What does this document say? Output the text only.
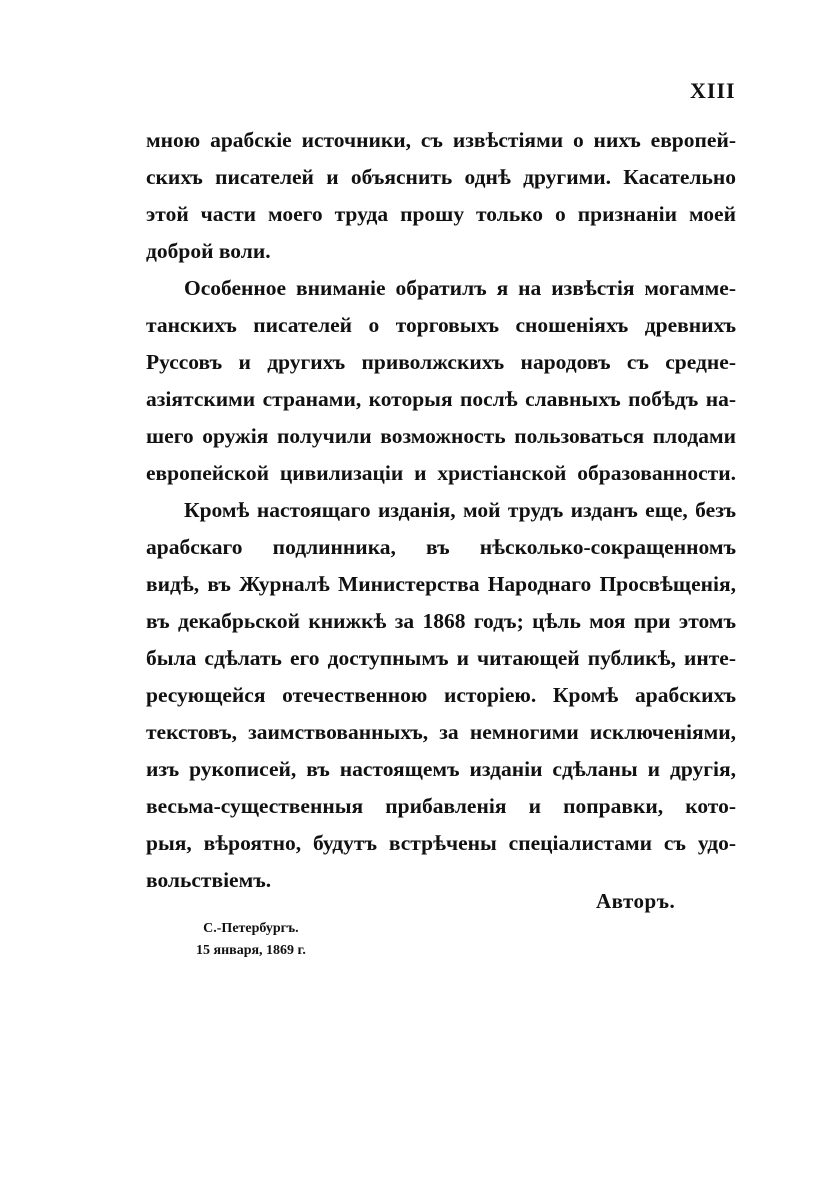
XIII

мною арабскіе источники, съ извѣстіями о нихъ европей-
скихъ писателей и объяснить однѣ другими. Касательно
этой части моего труда прошу только о признаніи моей
доброй воли.

Особенное вниманіе обратилъ я на извѣстія могамме-
танскихъ писателей о торговыхъ сношеніяхъ древнихъ
Руссовъ и другихъ приволжскихъ народовъ съ средне-
азіятскими странами, которыя послѣ славныхъ побѣдъ на-
шего оружія получили возможность пользоваться плодами
европейской цивилизаціи и христіанской образованности.

Кромѣ настоящаго изданія, мой трудъ изданъ еще, безъ
арабскаго подлинника, въ нѣсколько-сокращенномъ
видѣ, въ Журналѣ Министерства Народнаго Просвѣщенія,
въ декабрьской книжкѣ за 1868 годъ; цѣль моя при этомъ
была сдѣлать его доступнымъ и читающей публикѣ, инте-
ресующейся отечественною исторіею. Кромѣ арабскихъ
текстовъ, заимствованныхъ, за немногими исключеніями,
изъ рукописей, въ настоящемъ изданіи сдѣланы и другія,
весьма-существенныя прибавленія и поправки, кото-
рыя, вѣроятно, будутъ встрѣчены спеціалистами съ удо-
вольствіемъ.

Авторъ.
С.-Петербургъ.
15 января, 1869 г.
